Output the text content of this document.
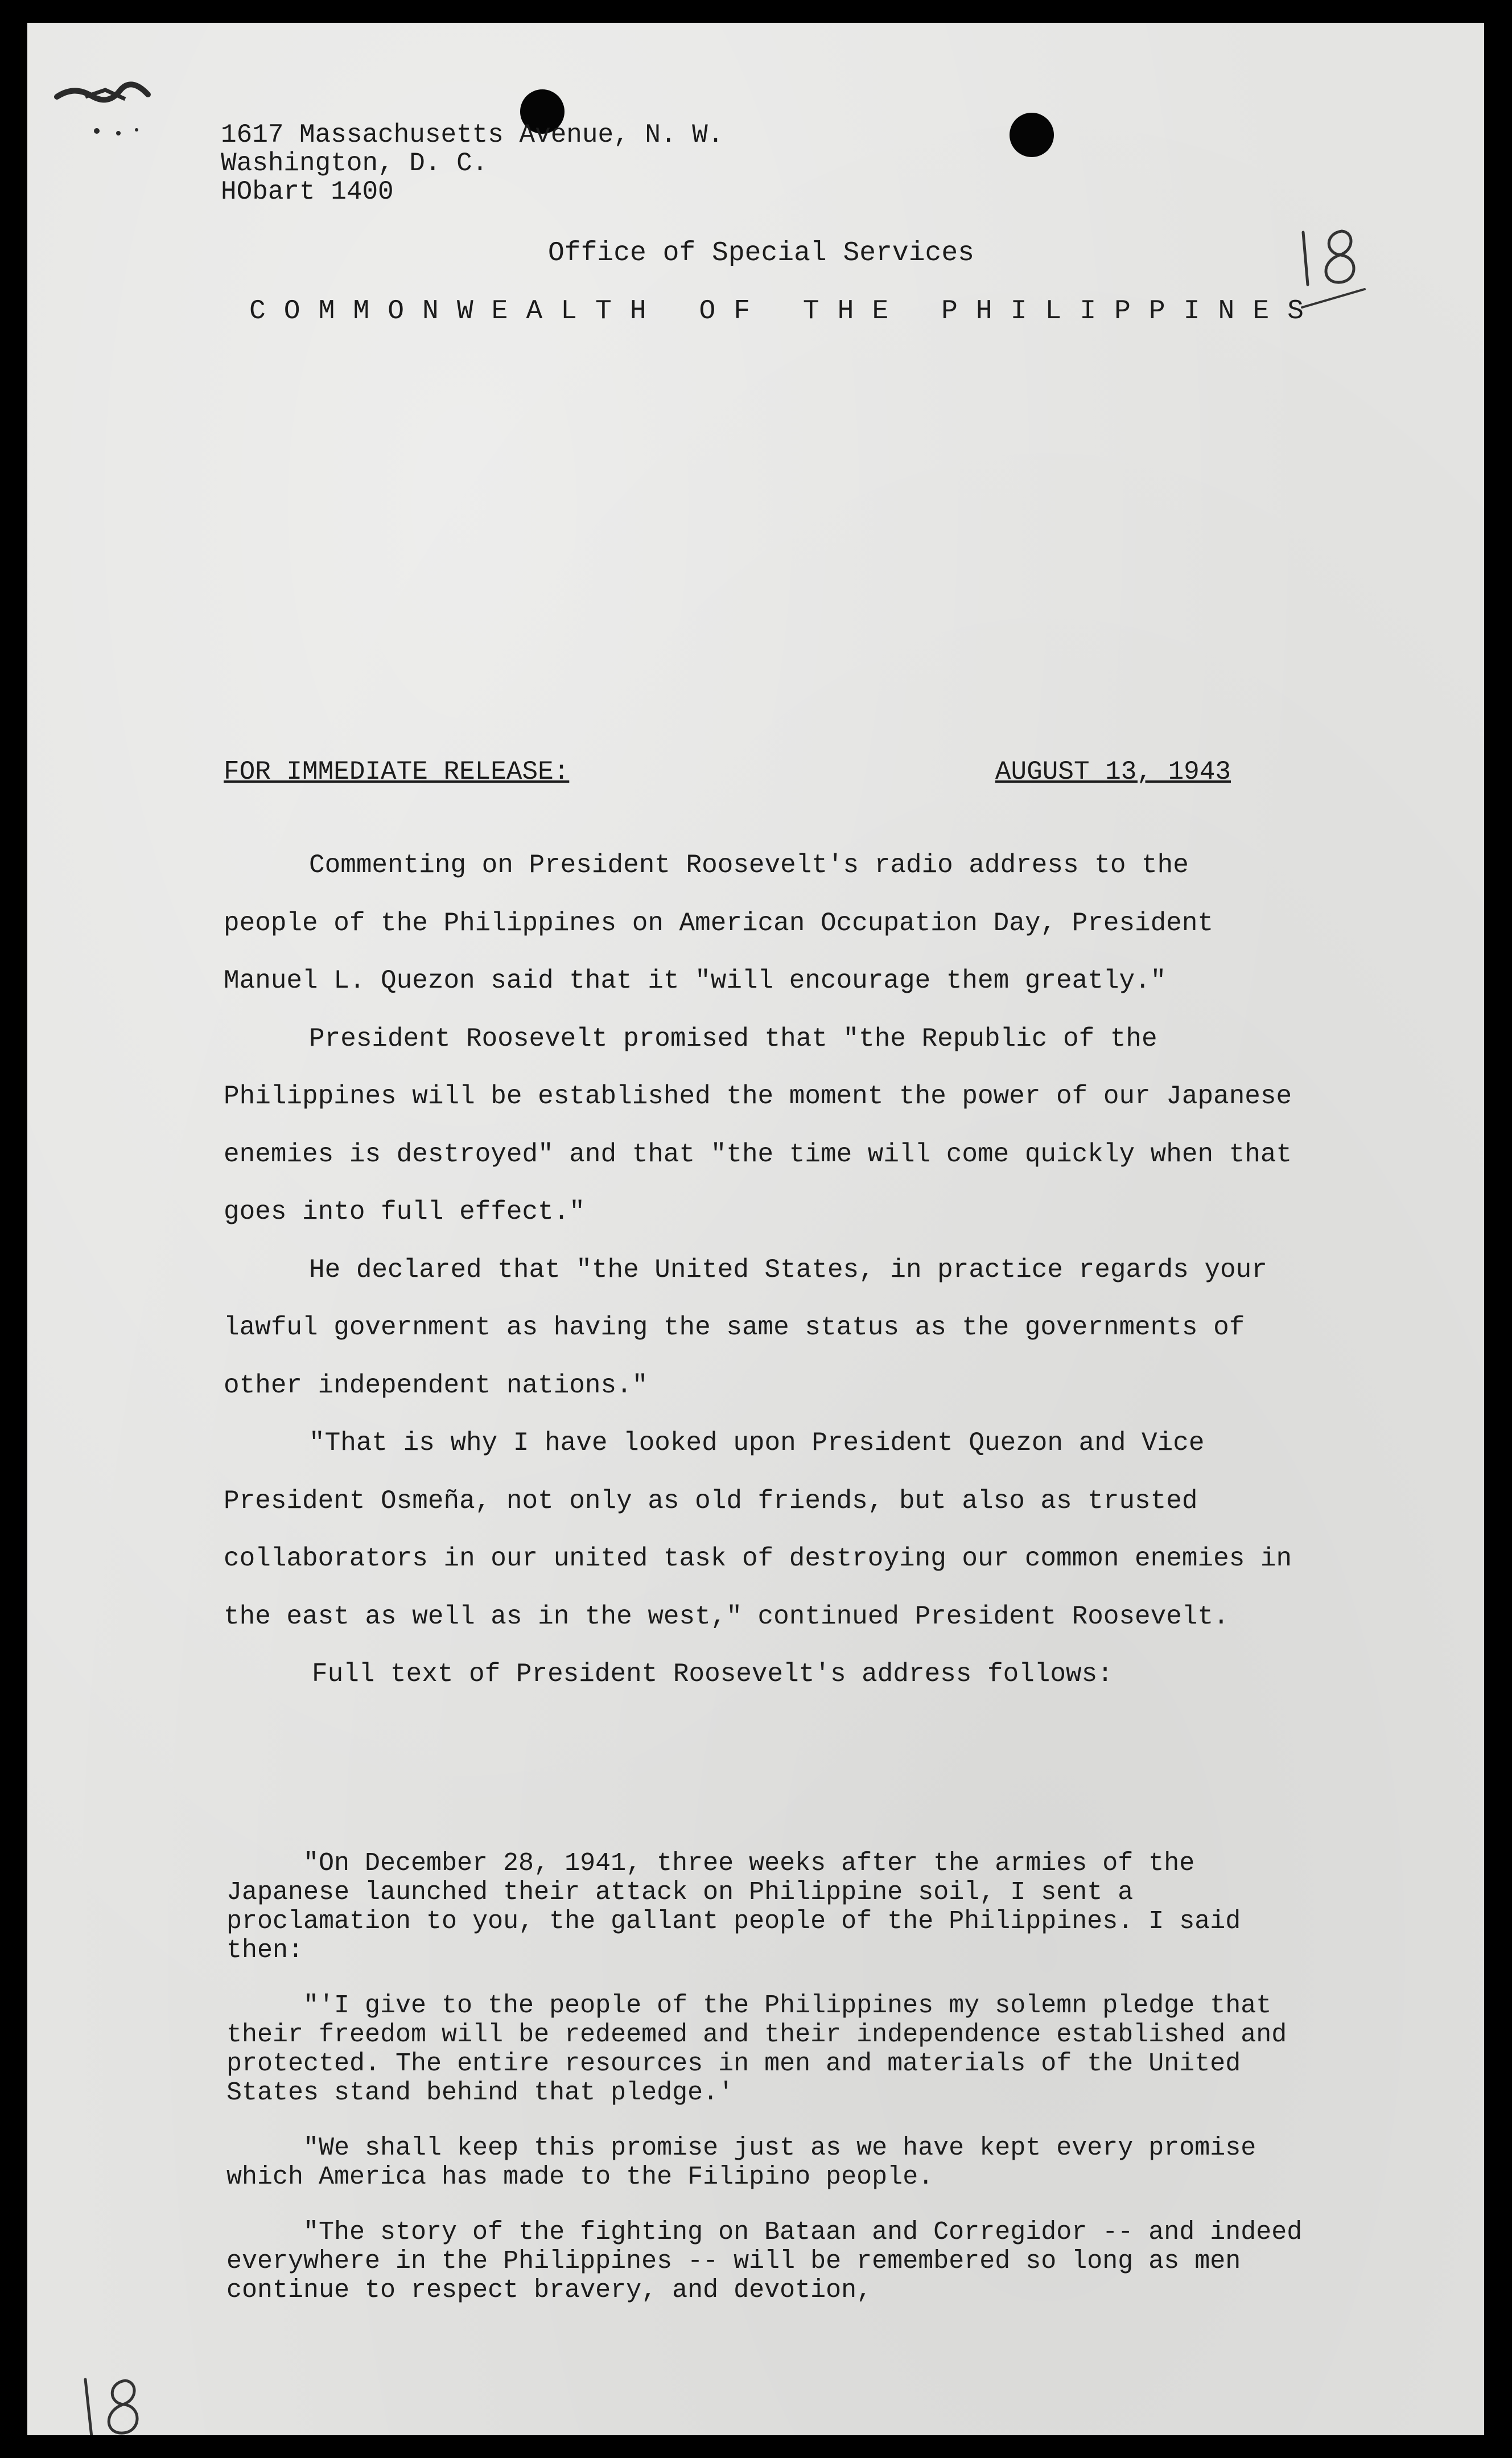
1617 Massachusetts Avenue, N. W.
Washington, D. C.
HObart 1400
Office of Special Services
COMMONWEALTH OF THE PHILIPPINES
FOR IMMEDIATE RELEASE:	AUGUST 13, 1943

Commenting on President Roosevelt's radio address to the people of the Philippines on American Occupation Day, President Manuel L. Quezon said that it "will encourage them greatly."

President Roosevelt promised that "the Republic of the Philippines will be established the moment the power of our Japanese enemies is destroyed" and that "the time will come quickly when that goes into full effect."

He declared that "the United States, in practice regards your lawful government as having the same status as the governments of other independent nations."

"That is why I have looked upon President Quezon and Vice President Osmeña, not only as old friends, but also as trusted collaborators in our united task of destroying our common enemies in the east as well as in the west," continued President Roosevelt.

Full text of President Roosevelt's address follows:

"On December 28, 1941, three weeks after the armies of the Japanese launched their attack on Philippine soil, I sent a proclamation to you, the gallant people of the Philippines. I said then:

"'I give to the people of the Philippines my solemn pledge that their freedom will be redeemed and their independence established and protected. The entire resources in men and materials of the United States stand behind that pledge.'

"We shall keep this promise just as we have kept every promise which America has made to the Filipino people.

"The story of the fighting on Bataan and Corregidor -- and indeed everywhere in the Philippines -- will be remembered so long as men continue to respect bravery, and devotion,
